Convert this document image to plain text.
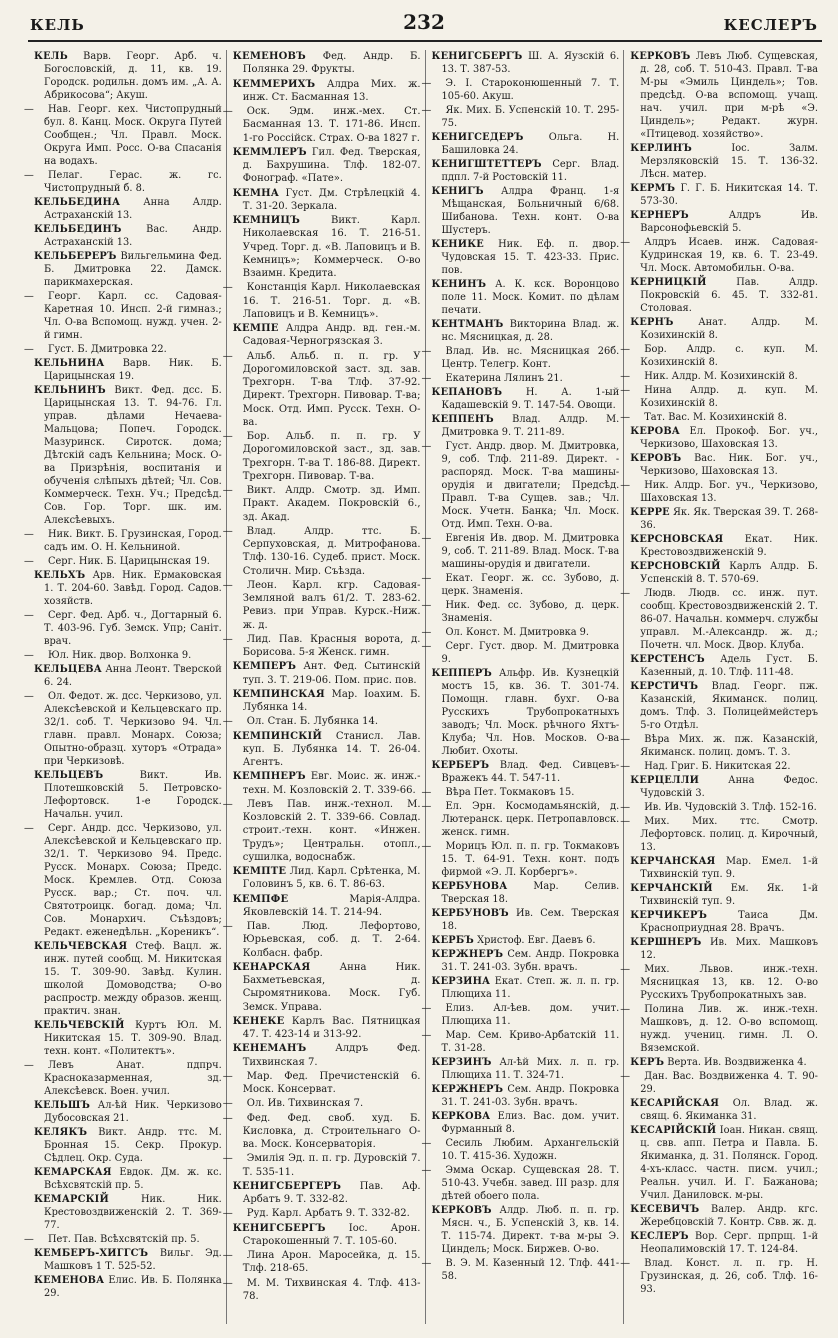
КЕЛЬ	232	КЕСЛЕРЪ

КЕЛЬ Варв. Георг. Арб. ч. Богословскій, д. 11, кв. 19. Городск. родильн. домъ им. „А. А. Абрикосова“; Акуш.

— Нав. Георг. кех. Чистопрудный бул. 8. Канц. Моск. Округа Путей Сообщен.; Чл. Правл. Моск. Округа Имп. Росс. О-ва Спасанія на водахъ.

— Пелаг. Герас. ж. гс. Чистопрудный б. 8.

КЕЛЬБЕДИНА Анна Алдр. Астраханскій 13.

КЕЛЬБЕДИНЪ	Вас. Андр. Астраханскій 13.

КЕЛЬБЕРЕРЪ Вильгельмина Фед. Б. Дмитровка 22. Дамск. парикмахерская.

— Георг. Карл. сс. Садовая-Каретная 10. Инсп. 2-й гимназ.; Чл. О-ва Вспомощ. нужд. учен. 2-й гимн.

— Густ. Б. Дмитровка 22.

КЕЛЬНИНА Варв. Ник. Б. Царицынская 19.

КЕЛЬНИНЪ Викт. Фед. дсс. Б. Царицынская 13. Т. 94-76. Гл. управ. дѣлами Нечаева-Мальцова; Попеч. Городск. Мазуринск. Сиротск. дома; Дѣтскій садъ Кельнина; Моск. О-ва Призрѣнія, воспитанія и обученія слѣпыхъ дѣтей; Чл. Сов. Коммерческ. Техн. Уч.; Предсѣд. Сов. Гор. Торг. шк. им. Алексѣевыхъ.

— Ник. Викт. Б. Грузинская, Город. садъ им. О. Н. Кельниной.

— Серг. Ник. Б. Царицынская 19.

КЕЛЬХЪ Арв. Ник. Ермаковская 1. Т. 204-60. Завѣд. Город. Садов. хозяйств.

— Серг. Фед. Арб. ч., Догтарный 6. Т. 403-96. Губ. Земск. Упр; Саніт. врач.

— Юл. Ник. двор. Волхонка 9.

КЕЛЬЦЕВА Анна Леонт. Тверской 6. 24.

— Ол. Федот. ж. дсс. Черкизово, ул. Алексѣевской и Кельцевскаго пр. 32/1. соб. Т. Черкизово 94. Чл. главн. правл. Монарх. Союза; Опытно-образц. хуторъ «Отрада» при Черкизовѣ.

КЕЛЬЦЕВЪ	Викт. Ив. Плотешковскій 5. Петровско-Лефортовск. 1-е Городск. Начальн. учил.

— Серг. Андр. дсс. Черкизово, ул. Алексѣевской и Кельцевскаго пр. 32/1. Т. Черкизово 94. Предс. Русск. Монарх. Союза; Предс. Моск. Кремлев. Отд. Союза Русск. вар.; Ст. поч. чл. Святотроицк. богад. дома; Чл. Сов. Монархич. Съѣздовъ; Редакт. еженедѣльн. „Кореникъ“.

КЕЛЬЧЕВСКАЯ Стеф. Вацл. ж. инж. путей сообщ. М. Никитская 15. Т. 309-90. Завѣд. Кулин. школой Домоводства; О-во распростр. между образов. женщ. практич. знан.

КЕЛЬЧЕВСКІЙ Куртъ Юл. М. Никитская 15. Т. 309-90. Влад. техн. конт. «Политектъ».

— Левъ Анат. пдпрч. Красноказарменная, зд. Алексѣевск. Воен. учил.

КЕЛЬШЪ Ал-ѣй Ник. Черкизово Дубосовская 21.

КЕЛЯКЪ Викт. Андр. ттс. М. Бронная 15. Секр. Прокур. Сѣдлец. Окр. Суда.

КЕМАРСКАЯ Евдок. Дм. ж. кс. Всѣхсвятскій пр. 5.

КЕМАРСКІЙ	Ник. Ник. Крестовоздвиженскій 2. Т. 369-77.

— Пет. Пав. Всѣхсвятскій пр. 5.

КЕМБЕРЪ-ХИГГСЪ Вильг. Эд. Машковъ 1 Т. 525-52.

КЕМЕНОВА Елис. Ив. Б. Полянка 29.

КЕМЕНОВЪ Фед. Андр. Б. Полянка 29. Фрукты.

КЕММЕРИХЪ Алдра Мих. ж. инж. Ст. Басманная 13.

— Оск. Эдм. инж.-мех. Ст. Басманная 13. Т. 171-86. Инсп. 1-го Россійск. Страх. О-ва 1827 г.

КЕММЛЕРЪ Гил. Фед. Тверская, д. Бахрушина. Тлф. 182-07. Фонограф. «Пате».

КЕМНА Густ. Дм. Стрѣлецкій 4. Т. 31-20. Зеркала.

КЕМНИЦЪ	Викт. Карл. Николаевская 16. Т. 216-51. Учред. Торг. д. «В. Лаповицъ и В. Кемницъ»; Коммерческ. О-во Взаимн. Кредита.

— Констанція Карл. Николаевская 16. Т. 216-51. Торг. д. «В. Лаповицъ и В. Кемницъ».

КЕМПЕ Алдра Андр. вд. ген.-м. Садовая-Черногрязская 3.

— Альб. Альб. п. п. гр. У Дорогомиловской заст. зд. зав. Трехгорн. Т-ва Тлф. 37-92. Директ. Трехгорн. Пивовар. Т-ва; Моск. Отд. Имп. Русск. Техн. О-ва.

— Бор. Альб. п. п. гр. У Дорогомиловской заст., зд. зав. Трехгорн. Т-ва Т. 186-88. Директ. Трехгорн. Пивовар. Т-ва.

— Викт. Алдр. Смотр. зд. Имп. Практ. Академ. Покровскій 6., зд. Акад.

— Влад. Алдр. ттс. Б. Серпуховская, д. Митрофанова. Тлф. 130-16. Судеб. прист. Моск. Столичн. Мир. Съѣзда.

— Леон. Карл. кгр. Садовая-Земляной валъ 61/2. Т. 283-62. Ревиз. при Управ. Курск.-Ниж. ж. д.

— Лид. Пав. Красныя ворота, д. Борисова. 5-я Женск. гимн.

КЕМПЕРЪ Ант. Фед. Сытинскій туп. 3. Т. 219-06. Пом. прис. пов.

КЕМПИНСКАЯ Мар. Іоахим. Б. Лубянка 14.

— Ол. Стан. Б. Лубянка 14.

КЕМПИНСКІЙ Станисл. Лав. куп. Б. Лубянка 14. Т. 26-04. Агентъ.

КЕМПНЕРЪ Евг. Моис. ж. инж.-техн. М. Козловскій 2. Т. 339-66.

— Левъ Пав. инж.-технол. М. Козловскій 2. Т. 339-66. Совлад. строит.-техн. конт. «Инжен. Трудъ»; Центральн. отопл., сушилка, водоснабж.

КЕМПТЕ Лид. Карл. Срѣтенка, М. Головинъ 5, кв. 6. Т. 86-63.

КЕМПФЕ	Марія-Алдра. Яковлевскій 14. Т. 214-94.

— Пав. Люд. Лефортово, Юрьевская, соб. д. Т. 2-64. Колбасн. фабр.

КЕНАРСКАЯ	Анна Ник. Бахметьевская, д. Сыромятникова. Моск. Губ. Земск. Управа.

КЕНЕКЕ Карлъ Вас. Пятницкая 47. Т. 423-14 и 313-92.

КЕНЕМАНЪ	Алдръ Фед. Тихвинская 7.

— Мар. Фед. Пречистенскій 6. Моск. Консерват.

— Ол. Ив. Тихвинская 7.

— Фед. Фед. своб. худ. Б. Кисловка, д. Строительнаго О-ва. Моск. Консерваторія.

— Эмилія Эд. п. п. гр. Дуровскій 7. Т. 535-11.

КЕНИГСБЕРГЕРЪ Пав. Аф. Арбатъ 9. Т. 332-82.

— Руд. Карл. Арбатъ 9. Т. 332-82.

КЕНИГСБЕРГЪ Іос. Арон. Старокошенный 7. Т. 105-60.

— Лина Арон. Маросейка, д. 15. Тлф. 218-65.

— М. М. Тихвинская 4. Тлф. 413-78.

КЕНИГСБЕРГЪ Ш. А. Яузскій 6. 13. Т. 387-53.

— Э. І. Староконюшенный 7. Т. 105-60. Акуш.

— Як. Мих. Б. Успенскій 10. Т. 295-75.

КЕНИГСЕДЕРЪ	Ольга. Н. Башиловка 24.

КЕНИГШТЕТТЕРЪ Серг. Влад. пдпл. 7-й Ростовскій 11.

КЕНИГЪ Алдра Франц. 1-я Мѣщанская, Больничный 6/68. Шибанова. Техн. конт. О-ва Шустеръ.

КЕНИКЕ Ник. Еф. п. двор. Чудовская 15. Т. 423-33. Прис. пов.

КЕНИНЪ А. К. кск. Воронцово поле 11. Моск. Комит. по дѣлам печати.

КЕНТМАНЪ Викторина Влад. ж. нс. Мясницкая, д. 28.

— Влад. Ив. нс. Мясницкая 26б. Центр. Телегр. Конт.

— Екатерина Лялинъ 21.

КЕПАНОВЪ Н. А. 1-ый Кадашевскій 9. Т. 147-54. Овощи.

КЕППЕНЪ Влад. Алдр. М. Дмитровка 9. Т. 211-89.

— Густ. Андр. двор. М. Дмитровка, 9, соб. Тлф. 211-89. Директ. - распоряд. Моск. Т-ва машины-орудія и двигатели; Предсѣд. Правл. Т-ва Сущев. зав.; Чл. Моск. Учетн. Банка; Чл. Моск. Отд. Имп. Техн. О-ва.

— Евгенія Ив. двор. М. Дмитровка 9, соб. Т. 211-89. Влад. Моск. Т-ва машины-орудія и двигатели.

— Екат. Георг. ж. сс. Зубово, д. церк. Знаменія.

— Ник. Фед. сс. Зубово, д. церк. Знаменія.

— Ол. Конст. М. Дмитровка 9.

— Серг. Густ. двор. М. Дмитровка 9.

КЕППЕРЪ Альфр. Ив. Кузнецкій мостъ 15, кв. 36. Т. 301-74. Помощн. главн. бухг. О-ва Русскихъ Трубопрокатныхъ заводъ; Чл. Моск. рѣчного Яхтъ-Клуба; Чл. Нов. Москов. О-ва Любит. Охоты.

КЕРБЕРЪ Влад. Фед. Сивцевъ-Вражекъ 44. Т. 547-11.

— Вѣра Пет. Токмаковъ 15.

— Ел. Эрн. Космодамьянскій, д. Лютеранск. церк. Петропавловск. женск. гимн.

— Морицъ Юл. п. п. гр. Токмаковъ 15. Т. 64-91. Техн. конт. подъ фирмой «Э. Л. Корбергъ».

КЕРБУНОВА	Мар. Селив. Тверская 18.

КЕРБУНОВЪ Ив. Сем. Тверская 18.

КЕРБЪ Христоф. Евг. Даевъ 6.

КЕРЖНЕРЪ Сем. Андр. Покровка 31. Т. 241-03. Зубн. врачъ.

КЕРЗИНА Екат. Степ. ж. л. п. гр. Плющиха 11.

— Елиз. Ал-ѣев. дом. учит. Плющиха 11.

— Мар. Сем. Криво-Арбатскій 11. Т. 31-28.

КЕРЗИНЪ Ал-ѣй Мих. л. п. гр. Плющиха 11. Т. 324-71.

КЕРЖНЕРЪ Сем. Андр. Покровка 31. Т. 241-03. Зубн. врачъ.

КЕРКОВА Елиз. Вас. дом. учит. Фурманный 8.

— Сесиль Любим. Архангельскій 10. Т. 415-36. Художн.

— Эмма Оскар. Сущевская 28. Т. 510-43. Учебн. завед. III разр. для дѣтей обоего пола.

КЕРКОВЪ Алдр. Люб. п. п. гр. Мясн. ч., Б. Успенскій 3, кв. 14. Т. 115-74. Директ. т-ва м-ры Э. Циндель; Моск. Биржев. О-во.

— В. Э. М. Казенный 12. Тлф. 441-58.

КЕРКОВЪ Левъ Люб. Сущевская, д. 28, соб. Т. 510-43. Правл. Т-ва М-ры «Эмиль Циндель»; Тов. предсѣд. О-ва вспомощ. учащ. нач. учил. при м-рѣ «Э. Циндель»; Редакт. журн. «Птицевод. хозяйство».

КЕРЛИНЪ	Іос. Залм. Мерзляковскій 15. Т. 136-32. Лѣсн. матер.

КЕРМЪ Г. Г. Б. Никитская 14. Т. 573-30.

КЕРНЕРЪ	Алдръ Ив. Варсонофьевскій 5.

— Алдръ Исаев. инж. Садовая-Кудринская 19, кв. 6. Т. 23-49. Чл. Моск. Автомобильн. О-ва.

КЕРНИЦКІЙ	Пав. Алдр. Покровскій 6. 45. Т. 332-81. Столовая.

КЕРНЪ	Анат. Алдр. М. Козихинскій 8.

— Бор. Алдр. с. куп. М. Козихинскій 8.

— Ник. Алдр. М. Козихинскій 8.

— Нина Алдр. д. куп. М. Козихинскій 8.

— Тат. Вас. М. Козихинскій 8.

КЕРОВА Ел. Прокоф. Бог. уч., Черкизово, Шаховская 13.

КЕРОВЪ Вас. Ник. Бог. уч., Черкизово, Шаховская 13.

— Ник. Алдр. Бог. уч., Черкизово, Шаховская 13.

КЕРРЕ Як. Як. Тверская 39. Т. 268-36.

КЕРСНОВСКАЯ Екат. Ник. Крестовоздвиженскій 9.

КЕРСНОВСКІЙ Карлъ Алдр. Б. Успенскій 8. Т. 570-69.

— Людв. Людв. сс. инж. пут. сообщ. Крестовоздвиженскій 2. Т. 86-07. Начальн. коммерч. службы управл. М.-Александр. ж. д.; Почетн. чл. Моск. Двор. Клуба.

КЕРСТЕНСЪ Адель Густ. Б. Казенный, д. 10. Тлф. 111-48.

КЕРСТИЧЪ Влад. Георг. пж. Казанскій, Якиманск. полиц. домъ. Тлф. 3. Полицеймейстеръ 5-го Отдѣл.

— Вѣра Мих. ж. пж. Казанскій, Якиманск. полиц. домъ. Т. 3.

— Над. Григ. Б. Никитская 22.

КЕРЦЕЛЛИ	Анна Федос. Чудовскій 3.

— Ив. Ив. Чудовскій 3. Тлф. 152-16.

— Мих. Мих. ттс. Смотр. Лефортовск. полиц. д. Кирочный, 13.

КЕРЧАНСКАЯ Мар. Емел. 1-й Тихвинскій туп. 9.

КЕРЧАНСКІЙ Ем. Як. 1-й Тихвинскій туп. 9.

КЕРЧИКЕРЪ	Таиса Дм. Красноприудная 28. Врачъ.

КЕРШНЕРЪ Ив. Мих. Машковъ 12.

— Мих. Львов. инж.-техн. Мясницкая 13, кв. 12. О-во Русскихъ Трубопрокатныхъ зав.

— Полина Лив. ж. инж.-техн. Машковъ, д. 12. О-во вспомощ. нужд. учениц. гимн. Л. О. Вяземской.

КЕРЪ Верта. Ив. Воздвиженка 4.

— Дан. Вас. Воздвиженка 4. Т. 90-29.

КЕСАРІЙСКАЯ Ол. Влад. ж. свящ. 6. Якиманка 31.

КЕСАРІЙСКІЙ Іоан. Никан. свящ. ц. свв. апп. Петра и Павла. Б. Якиманка, д. 31. Полянск. Город. 4-хъ-класс. частн. писм. учил.; Реальн. учил. И. Г. Бажанова; Учил. Даниловск. м-ры.

КЕСЕВИЧЪ Валер. Андр. кгс. Жеребцовскій 7. Контр. Свв. ж. д.

КЕСЛЕРЪ Вор. Серг. прпрщ. 1-й Неопалимовскій 17. Т. 124-84.

— Влад. Конст. л. п. гр. Н. Грузинская, д. 26, соб. Тлф. 16-93.
